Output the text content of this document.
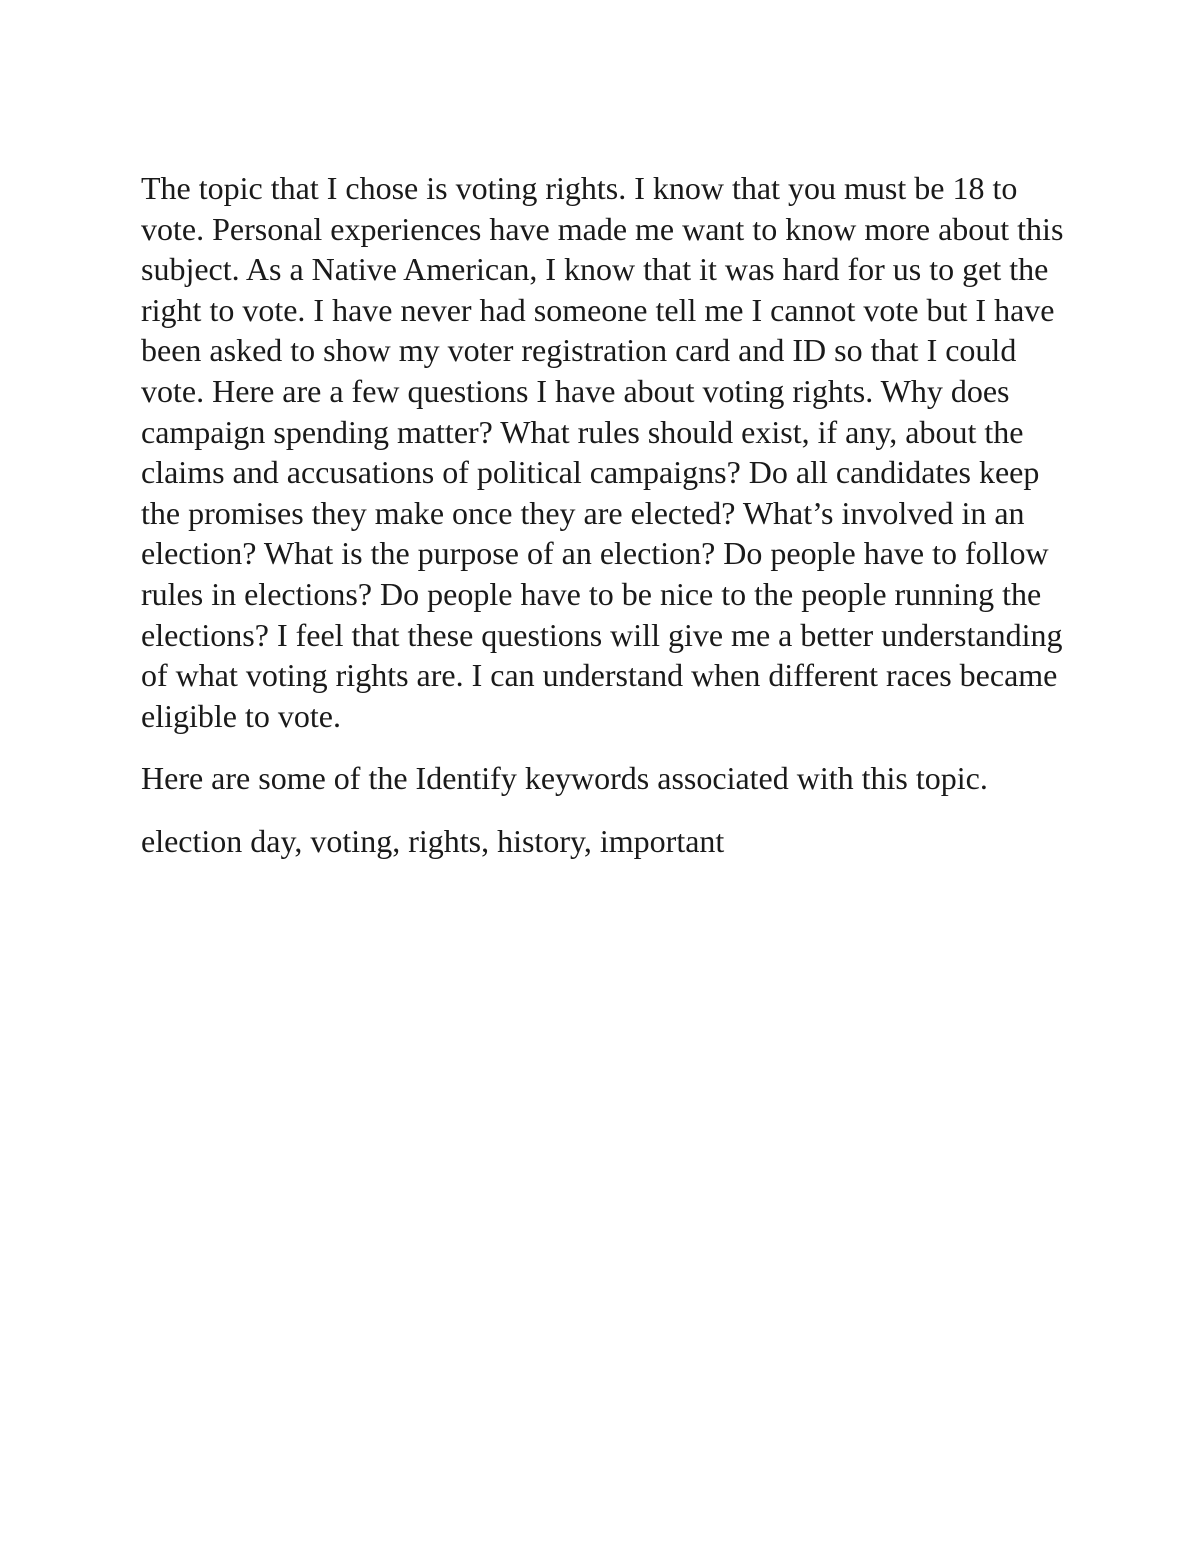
The topic that I chose is voting rights. I know that you must be 18 to vote. Personal experiences have made me want to know more about this subject. As a Native American, I know that it was hard for us to get the right to vote. I have never had someone tell me I cannot vote but I have been asked to show my voter registration card and ID so that I could vote. Here are a few questions I have about voting rights. Why does campaign spending matter? What rules should exist, if any, about the claims and accusations of political campaigns? Do all candidates keep the promises they make once they are elected? What’s involved in an election? What is the purpose of an election? Do people have to follow rules in elections? Do people have to be nice to the people running the elections? I feel that these questions will give me a better understanding of what voting rights are. I can understand when different races became eligible to vote.

Here are some of the Identify keywords associated with this topic.

election day, voting, rights, history, important
